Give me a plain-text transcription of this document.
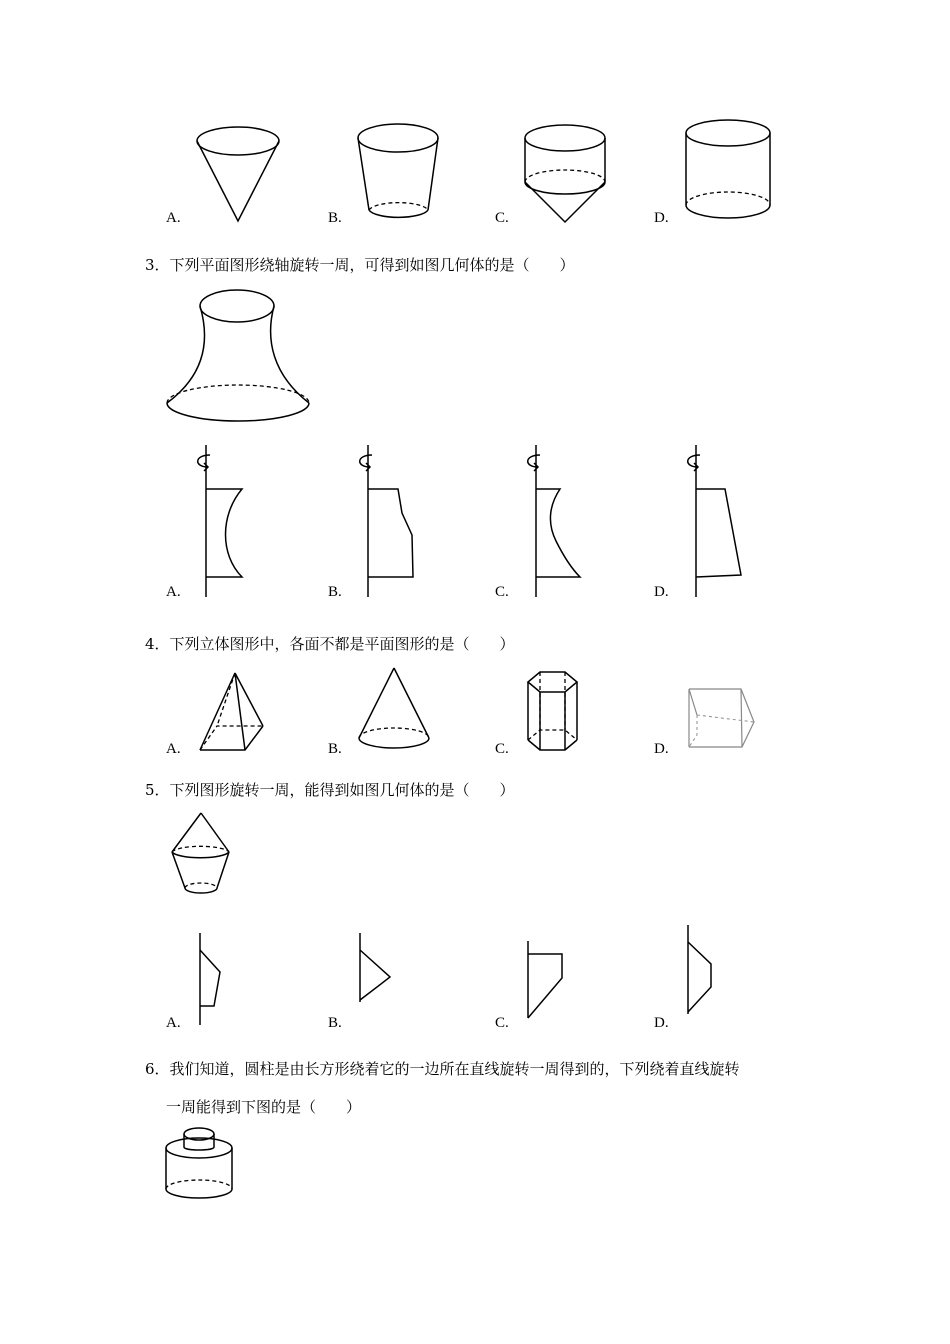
A.	B.	C.	D.
3．下列平面图形绕轴旋转一周，可得到如图几何体的是（　　）
A.	B.	C.	D.
4．下列立体图形中，各面不都是平面图形的是（　　）
A.	B.	C.	D.
5．下列图形旋转一周，能得到如图几何体的是（　　）
A.	B.	C.	D.
6．我们知道，圆柱是由长方形绕着它的一边所在直线旋转一周得到的，下列绕着直线旋转
一周能得到下图的是（　　）
